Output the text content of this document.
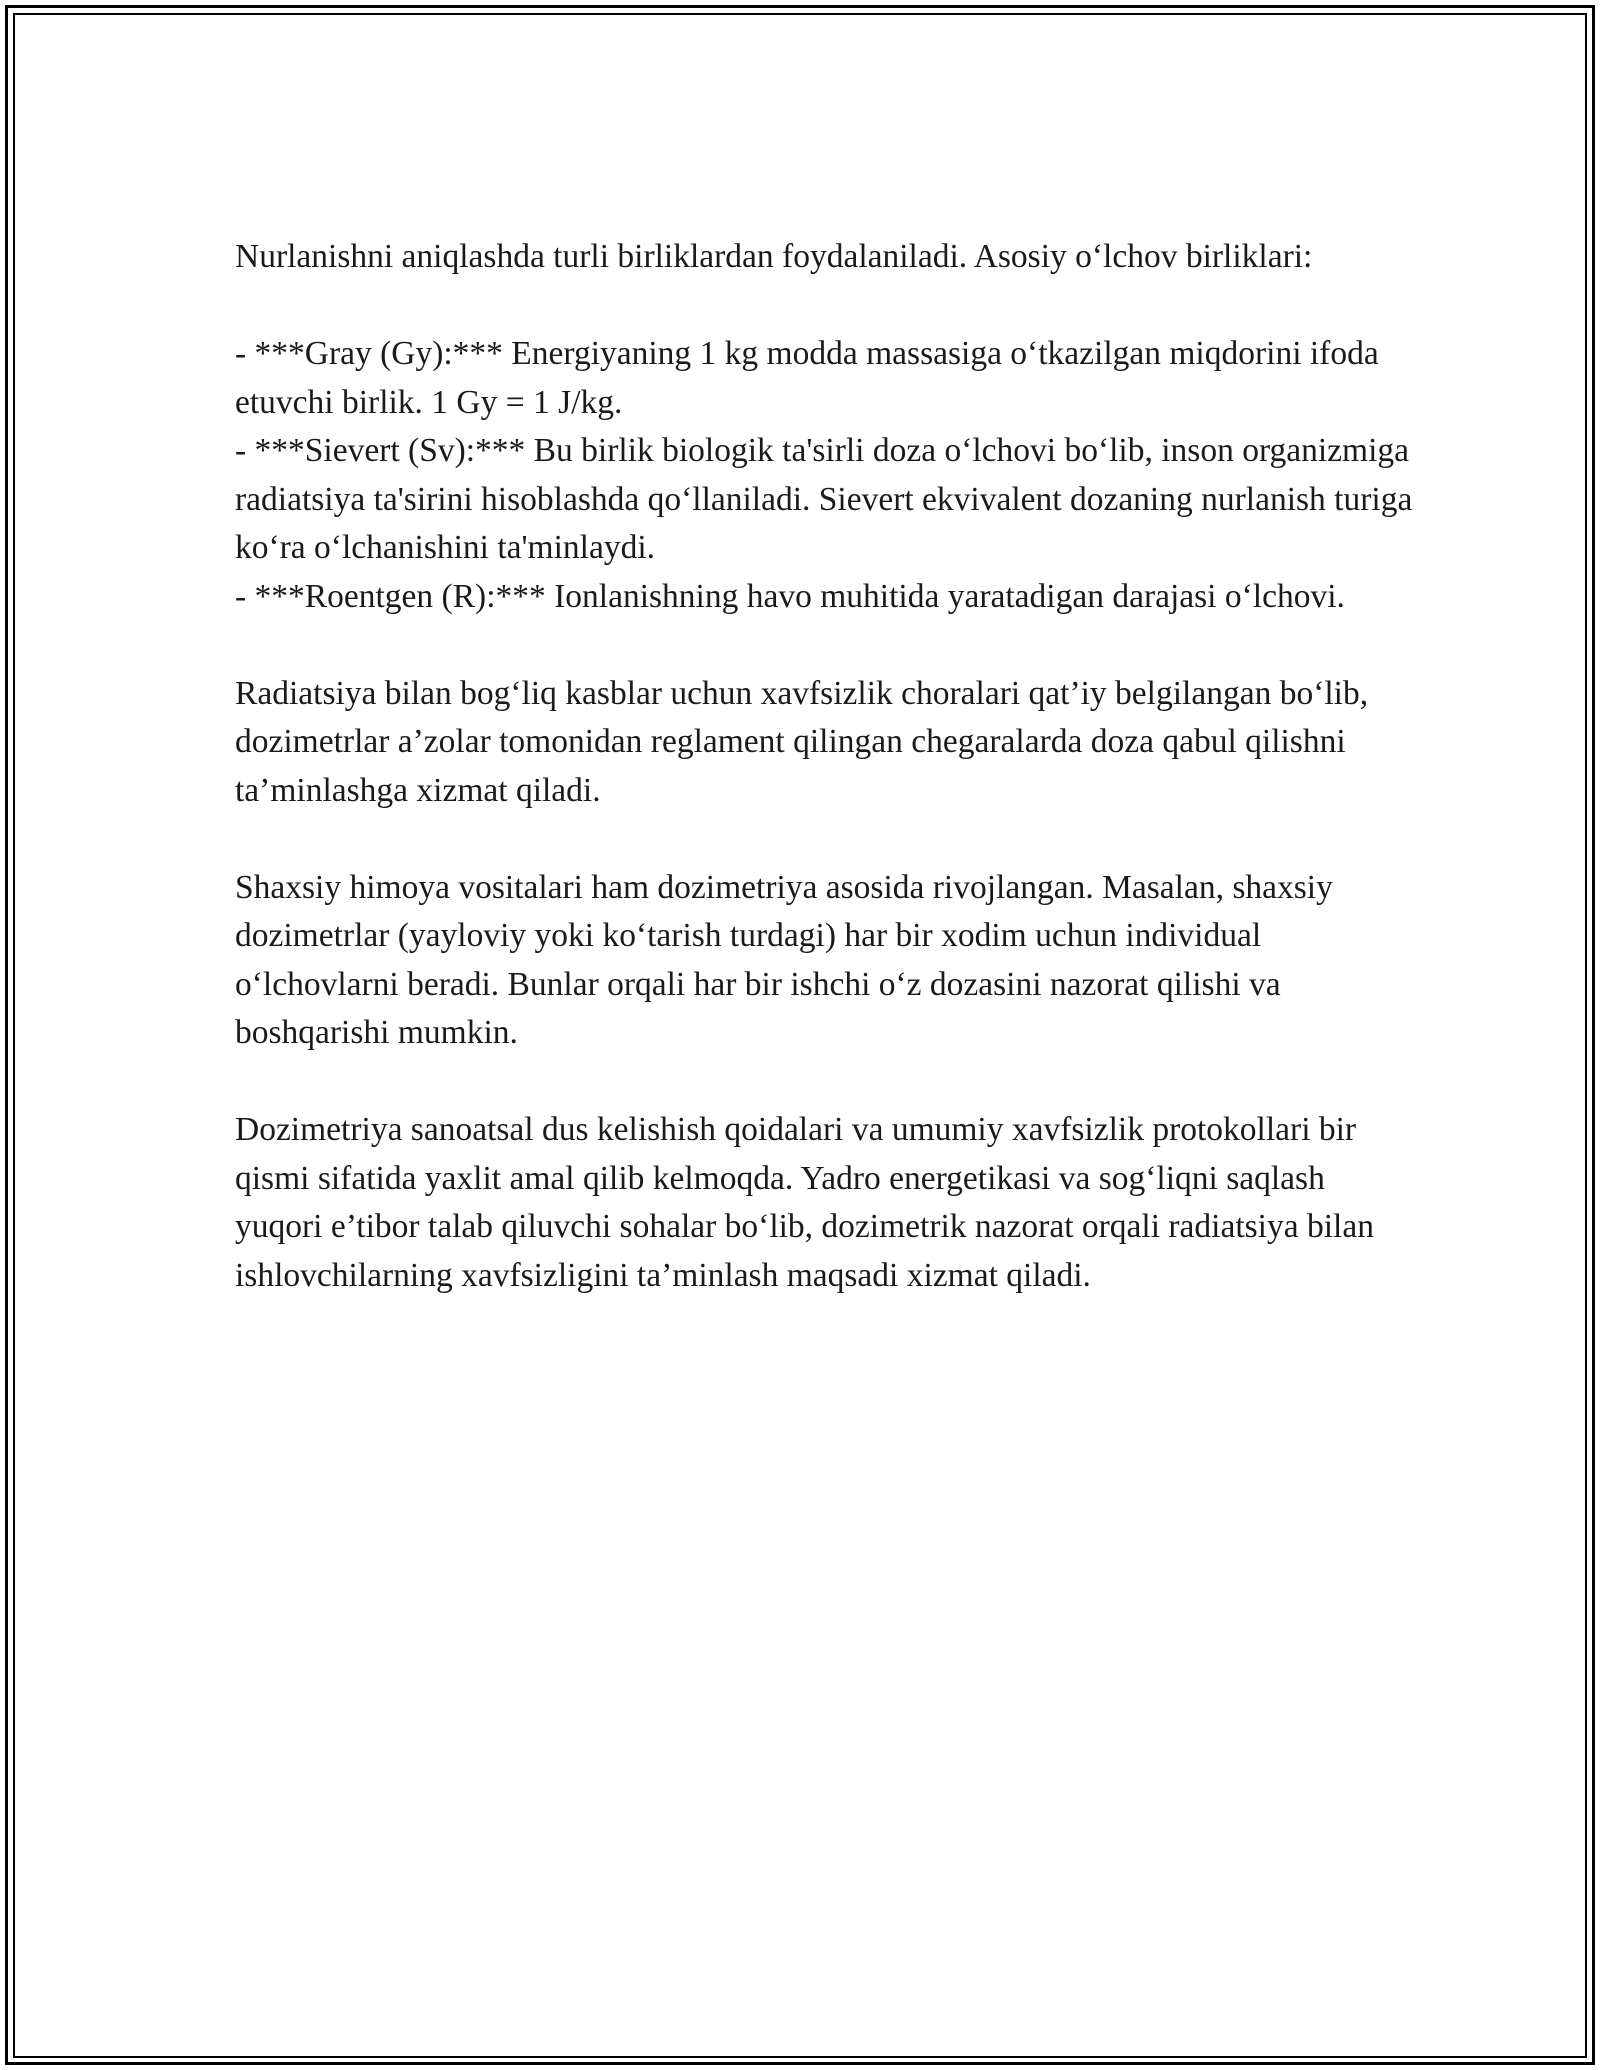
Nurlanishni aniqlashda turli birliklardan foydalaniladi. Asosiy o‘lchov birliklari:

- ***Gray (Gy):*** Energiyaning 1 kg modda massasiga o‘tkazilgan miqdorini ifoda etuvchi birlik. 1 Gy = 1 J/kg.
- ***Sievert (Sv):*** Bu birlik biologik ta'sirli doza o‘lchovi bo‘lib, inson organizmiga radiatsiya ta'sirini hisoblashda qo‘llaniladi. Sievert ekvivalent dozaning nurlanish turiga ko‘ra o‘lchanishini ta'minlaydi.
- ***Roentgen (R):*** Ionlanishning havo muhitida yaratadigan darajasi o‘lchovi.

Radiatsiya bilan bog‘liq kasblar uchun xavfsizlik choralari qat’iy belgilangan bo‘lib, dozimetrlar a’zolar tomonidan reglament qilingan chegaralarda doza qabul qilishni ta’minlashga xizmat qiladi.

Shaxsiy himoya vositalari ham dozimetriya asosida rivojlangan. Masalan, shaxsiy dozimetrlar (yayloviy yoki ko‘tarish turdagi) har bir xodim uchun individual o‘lchovlarni beradi. Bunlar orqali har bir ishchi o‘z dozasini nazorat qilishi va boshqarishi mumkin.

Dozimetriya sanoatsal dus kelishish qoidalari va umumiy xavfsizlik protokollari bir qismi sifatida yaxlit amal qilib kelmoqda. Yadro energetikasi va sog‘liqni saqlash yuqori e’tibor talab qiluvchi sohalar bo‘lib, dozimetrik nazorat orqali radiatsiya bilan ishlovchilarning xavfsizligini ta’minlash maqsadi xizmat qiladi.
